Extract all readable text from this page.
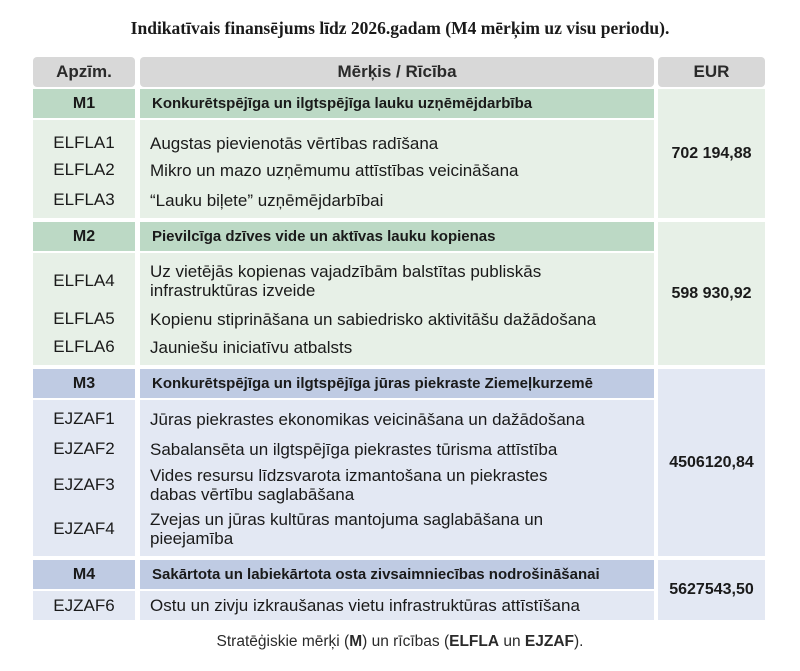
Indikatīvais finansējums līdz 2026.gadam (M4 mērķim uz visu periodu).
Apzīm.	Mērķis / Rīcība	EUR
M1	Konkurētspējīga un ilgtspējīga lauku uzņēmējdarbība
702 194,88
ELFLA1	Augstas pievienotās vērtības radīšana
ELFLA2	Mikro un mazo uzņēmumu attīstības veicināšana
ELFLA3	“Lauku biļete” uzņēmējdarbībai
M2	Pievilcīga dzīves vide un aktīvas lauku kopienas
598 930,92
ELFLA4	Uz vietējās kopienas vajadzībām balstītas publiskās
infrastruktūras izveide
ELFLA5	Kopienu stiprināšana un sabiedrisko aktivitāšu dažādošana
ELFLA6	Jauniešu iniciatīvu atbalsts
M3	Konkurētspējīga un ilgtspējīga jūras piekraste Ziemeļkurzemē
4506120,84
EJZAF1	Jūras piekrastes ekonomikas veicināšana un dažādošana
EJZAF2	Sabalansēta un ilgtspējīga piekrastes tūrisma attīstība
EJZAF3	Vides resursu līdzsvarota izmantošana un piekrastes
dabas vērtību saglabāšana
EJZAF4	Zvejas un jūras kultūras mantojuma saglabāšana un
pieejamība
M4	Sakārtota un labiekārtota osta zivsaimniecības nodrošināšanai
5627543,50
EJZAF6	Ostu un zivju izkraušanas vietu infrastruktūras attīstīšana
Stratēģiskie mērķi (M) un rīcības (ELFLA un EJZAF).
